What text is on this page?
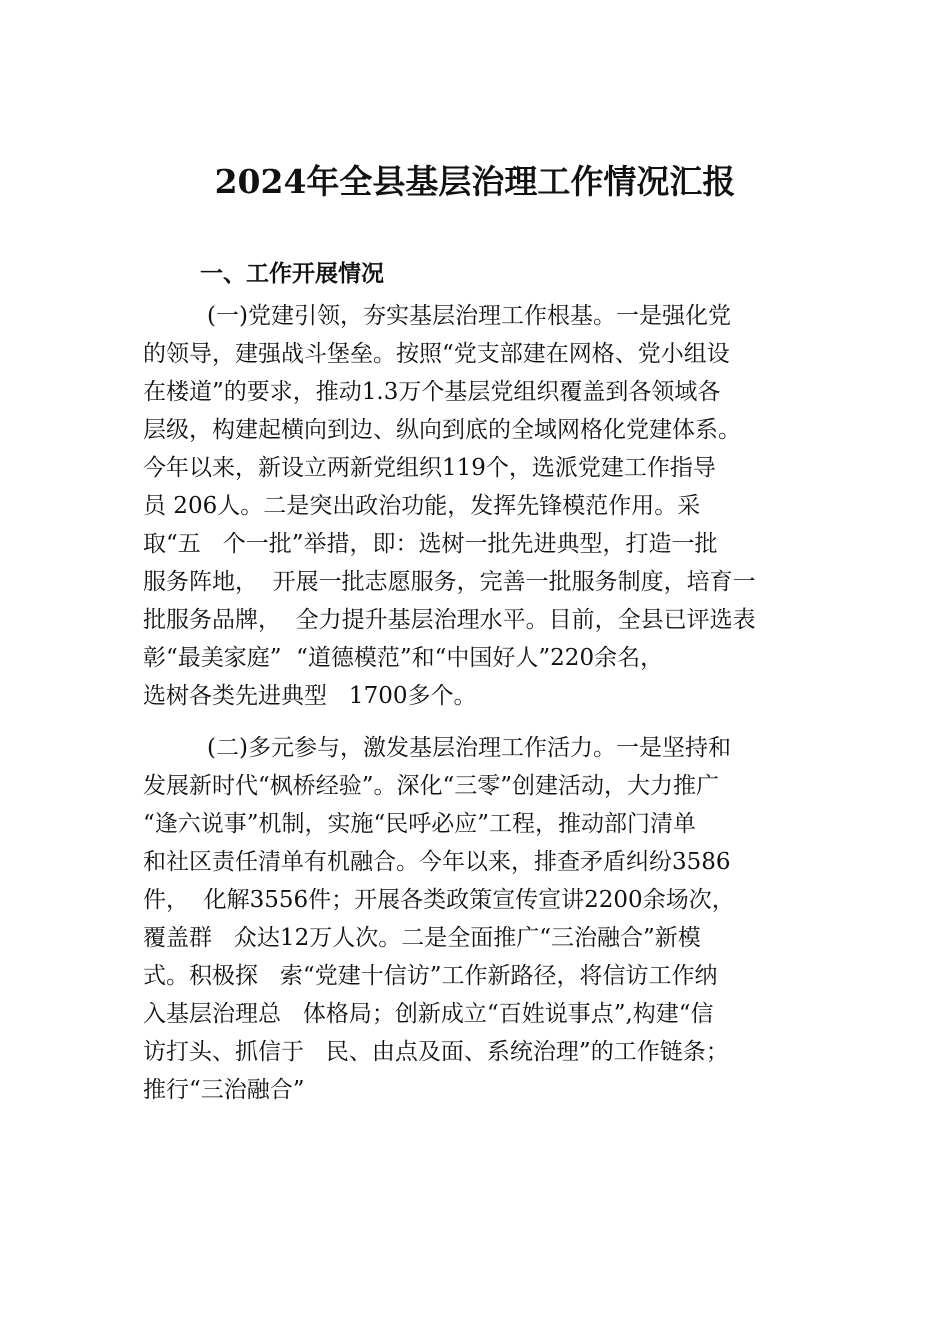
2024年全县基层治理工作情况汇报
一、工作开展情况
(一)党建引领，夯实基层治理工作根基。一是强化党
的领导，建强战斗堡垒。按照“党支部建在网格、党小组设
在楼道”的要求，推动1.3万个基层党组织覆盖到各领域各
层级，构建起横向到边、纵向到底的全域网格化党建体系。
今年以来，新设立两新党组织119个，选派党建工作指导
员 206人。二是突出政治功能，发挥先锋模范作用。采
取“五   个一批”举措，即：选树一批先进典型，打造一批
服务阵地，  开展一批志愿服务，完善一批服务制度，培育一
批服务品牌，  全力提升基层治理水平。目前，全县已评选表
彰“最美家庭”  “道德模范”和“中国好人”220余名，
选树各类先进典型   1700多个。
(二)多元参与，激发基层治理工作活力。一是坚持和
发展新时代“枫桥经验”。深化“三零”创建活动，大力推广
“逢六说事”机制，实施“民呼必应”工程，推动部门清单
和社区责任清单有机融合。今年以来，排查矛盾纠纷3586
件，  化解3556件；开展各类政策宣传宣讲2200余场次，
覆盖群   众达12万人次。二是全面推广“三治融合”新模
式。积极探   索“党建十信访”工作新路径，将信访工作纳
入基层治理总   体格局；创新成立“百姓说事点”,构建“信
访打头、抓信于   民、由点及面、系统治理”的工作链条；
推行“三治融合”
